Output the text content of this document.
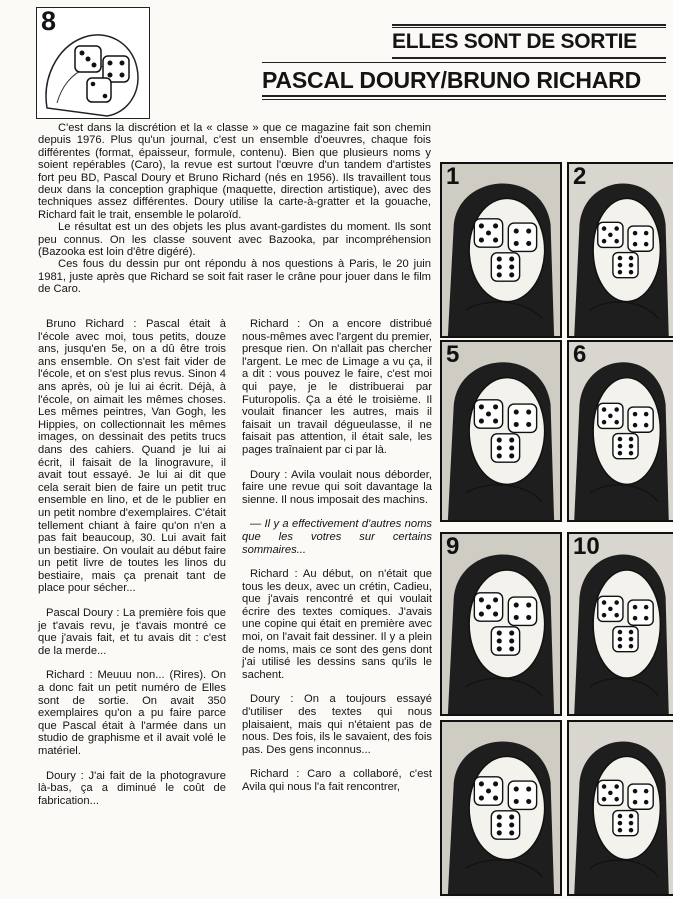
8
ELLES SONT DE SORTIE
PASCAL DOURY/BRUNO RICHARD

C'est dans la discrétion et la « classe » que ce magazine fait son chemin depuis 1976. Plus qu'un journal, c'est un ensemble d'oeuvres, chaque fois différentes (format, épaisseur, formule, contenu). Bien que plusieurs noms y soient repérables (Caro), la revue est surtout l'œuvre d'un tandem d'artistes fort peu BD, Pascal Doury et Bruno Richard (nés en 1956). Ils travaillent tous deux dans la conception graphique (maquette, direction artistique), avec des techniques assez différentes. Doury utilise la carte-à-gratter et la gouache, Richard fait le trait, ensemble le polaroïd.

Le résultat est un des objets les plus avant-gardistes du moment. Ils sont peu connus. On les classe souvent avec Bazooka, par incompréhension (Bazooka est loin d'être digéré).

Ces fous du dessin pur ont répondu à nos questions à Paris, le 20 juin 1981, juste après que Richard se soit fait raser le crâne pour jouer dans le film de Caro.

Bruno Richard : Pascal était à l'école avec moi, tous petits, douze ans, jusqu'en 5e, on a dû être trois ans ensemble. On s'est fait vider de l'école, et on s'est plus revus. Sinon 4 ans après, où je lui ai écrit. Déjà, à l'école, on aimait les mêmes choses. Les mêmes peintres, Van Gogh, les Hippies, on collectionnait les mêmes images, on dessinait des petits trucs dans des cahiers. Quand je lui ai écrit, il faisait de la linogravure, il avait tout essayé. Je lui ai dit que cela serait bien de faire un petit truc ensemble en lino, et de le publier en un petit nombre d'exemplaires. C'était tellement chiant à faire qu'on n'en a pas fait beaucoup, 30. Lui avait fait un bestiaire. On voulait au début faire un petit livre de toutes les linos du bestiaire, mais ça prenait tant de place pour sécher...

Pascal Doury : La première fois que je t'avais revu, je t'avais montré ce que j'avais fait, et tu avais dit : c'est de la merde...

Richard : Meuuu non... (Rires). On a donc fait un petit numéro de Elles sont de sortie. On avait 350 exemplaires qu'on a pu faire parce que Pascal était à l'armée dans un studio de graphisme et il avait volé le matériel.

Doury : J'ai fait de la photogravure là-bas, ça a diminué le coût de fabrication...

Richard : On a encore distribué nous-mêmes avec l'argent du premier, presque rien. On n'allait pas chercher l'argent. Le mec de Limage a vu ça, il a dit : vous pouvez le faire, c'est moi qui paye, je le distribuerai par Futuropolis. Ça a été le troisième. Il voulait financer les autres, mais il faisait un travail dégueulasse, il ne faisait pas attention, il était sale, les pages traînaient par ci par là.

Doury : Avila voulait nous déborder, faire une revue qui soit davantage la sienne. Il nous imposait des machins.

— Il y a effectivement d'autres noms que les votres sur certains sommaires...

Richard : Au début, on n'était que tous les deux, avec un crétin, Cadieu, que j'avais rencontré et qui voulait écrire des textes comiques. J'avais une copine qui était en première avec moi, on l'avait fait dessiner. Il y a plein de noms, mais ce sont des gens dont j'ai utilisé les dessins sans qu'ils le sachent.

Doury : On a toujours essayé d'utiliser des textes qui nous plaisaient, mais qui n'étaient pas de nous. Des fois, ils le savaient, des fois pas. Des gens inconnus...

Richard : Caro a collaboré, c'est Avila qui nous l'a fait rencontrer,

1	2
5	6
9	10
